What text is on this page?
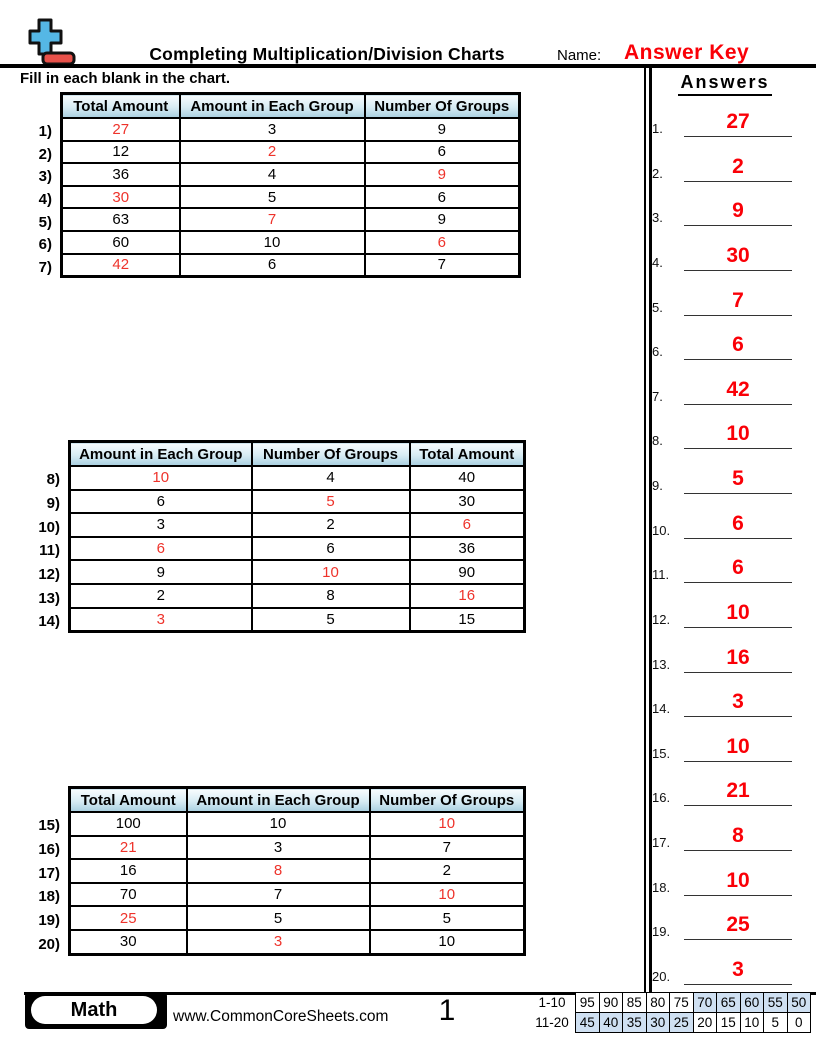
Completing Multiplication/Division Charts	Name: Answer Key
Fill in each blank in the chart.
1)
2)
3)
4)
5)
6)
7)
Total Amount	Amount in Each Group	Number Of Groups
27	3	9
12	2	6
36	4	9
30	5	6
63	7	9
60	10	6
42	6	7
8)
9)
10)
11)
12)
13)
14)
Amount in Each Group	Number Of Groups	Total Amount
10	4	40
6	5	30
3	2	6
6	6	36
9	10	90
2	8	16
3	5	15
15)
16)
17)
18)
19)
20)
Total Amount	Amount in Each Group	Number Of Groups
100	10	10
21	3	7
16	8	2
70	7	10
25	5	5
30	3	10
Answers
1.	27
2.	2
3.	9
4.	30
5.	7
6.	6
7.	42
8.	10
9.	5
10.	6
11.	6
12.	10
13.	16
14.	3
15.	10
16.	21
17.	8
18.	10
19.	25
20.	3
Math	www.CommonCoreSheets.com	1	1-10	95	90	85	80	75	70	65	60	55	50
11-20	45	40	35	30	25	20	15	10	5	0
